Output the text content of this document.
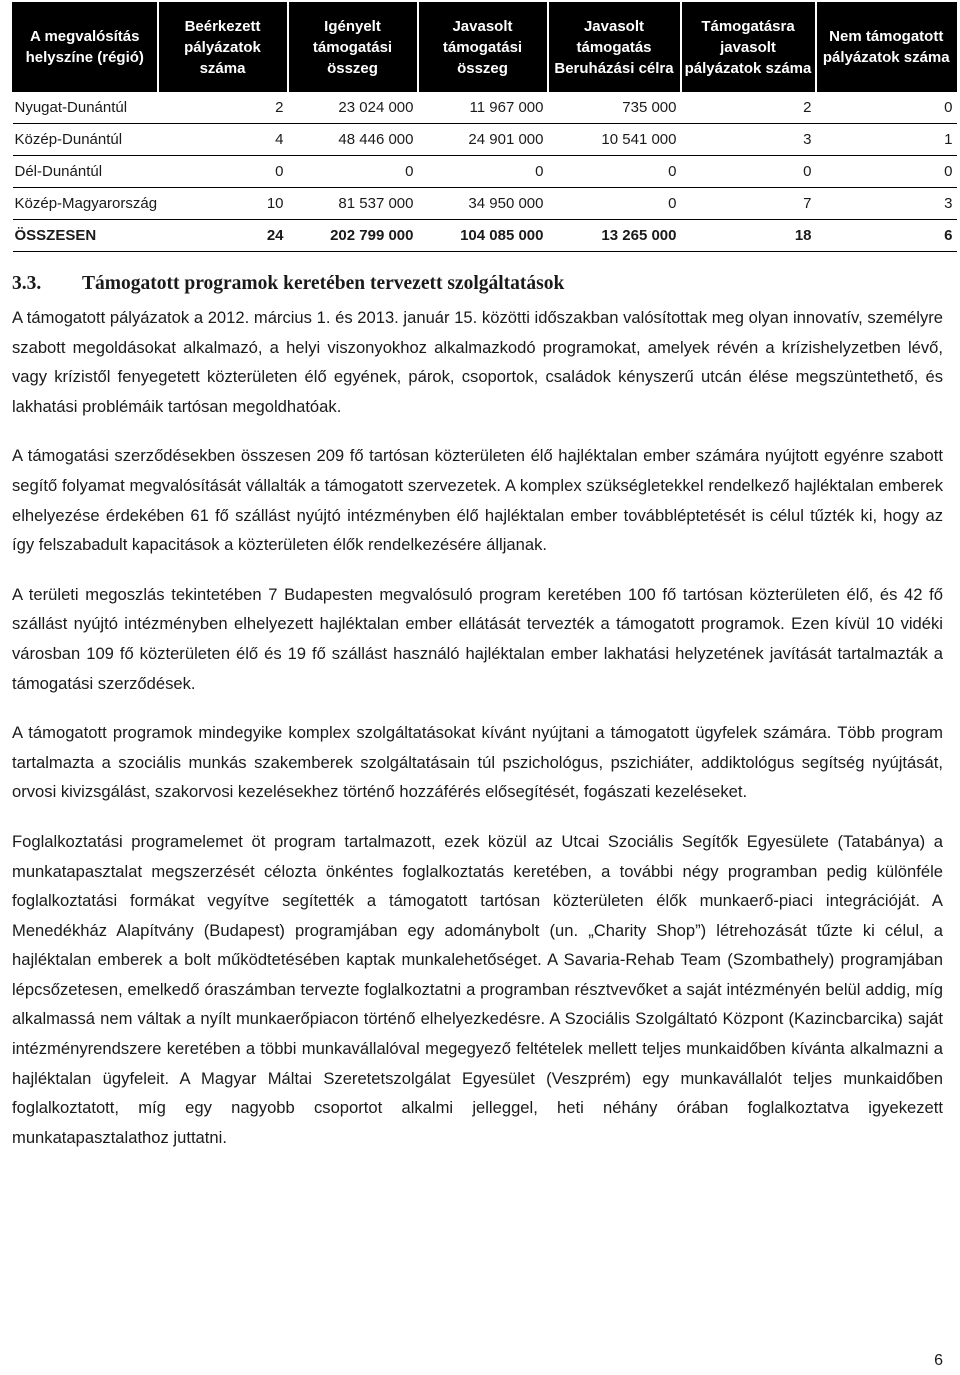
A megvalósítás helyszíne (régió)	Beérkezett pályázatok száma	Igényelt támogatási összeg	Javasolt támogatási összeg	Javasolt támogatás Beruházási célra	Támogatásra javasolt pályázatok száma	Nem támogatott pályázatok száma
Nyugat-Dunántúl	2	23 024 000	11 967 000	735 000	2	0
Közép-Dunántúl	4	48 446 000	24 901 000	10 541 000	3	1
Dél-Dunántúl	0	0	0	0	0	0
Közép-Magyarország	10	81 537 000	34 950 000	0	7	3
ÖSSZESEN	24	202 799 000	104 085 000	13 265 000	18	6
3.3. Támogatott programok keretében tervezett szolgáltatások

A támogatott pályázatok a 2012. március 1. és 2013. január 15. közötti időszakban valósítottak meg olyan innovatív, személyre szabott megoldásokat alkalmazó, a helyi viszonyokhoz alkalmazkodó programokat, amelyek révén a krízishelyzetben lévő, vagy krízistől fenyegetett közterületen élő egyének, párok, csoportok, családok kényszerű utcán élése megszüntethető, és lakhatási problémáik tartósan megoldhatóak.

A támogatási szerződésekben összesen 209 fő tartósan közterületen élő hajléktalan ember számára nyújtott egyénre szabott segítő folyamat megvalósítását vállalták a támogatott szervezetek. A komplex szükségletekkel rendelkező hajléktalan emberek elhelyezése érdekében 61 fő szállást nyújtó intézményben élő hajléktalan ember továbbléptetését is célul tűzték ki, hogy az így felszabadult kapacitások a közterületen élők rendelkezésére álljanak.

A területi megoszlás tekintetében 7 Budapesten megvalósuló program keretében 100 fő tartósan közterületen élő, és 42 fő szállást nyújtó intézményben elhelyezett hajléktalan ember ellátását tervezték a támogatott programok. Ezen kívül 10 vidéki városban 109 fő közterületen élő és 19 fő szállást használó hajléktalan ember lakhatási helyzetének javítását tartalmazták a támogatási szerződések.

A támogatott programok mindegyike komplex szolgáltatásokat kívánt nyújtani a támogatott ügyfelek számára. Több program tartalmazta a szociális munkás szakemberek szolgáltatásain túl pszichológus, pszichiáter, addiktológus segítség nyújtását, orvosi kivizsgálást, szakorvosi kezelésekhez történő hozzáférés elősegítését, fogászati kezeléseket.

Foglalkoztatási programelemet öt program tartalmazott, ezek közül az Utcai Szociális Segítők Egyesülete (Tatabánya) a munkatapasztalat megszerzését célozta önkéntes foglalkoztatás keretében, a további négy programban pedig különféle foglalkoztatási formákat vegyítve segítették a támogatott tartósan közterületen élők munkaerő-piaci integrációját. A Menedékház Alapítvány (Budapest) programjában egy adománybolt (un. „Charity Shop”) létrehozását tűzte ki célul, a hajléktalan emberek a bolt működtetésében kaptak munkalehetőséget. A Savaria-Rehab Team (Szombathely) programjában lépcsőzetesen, emelkedő óraszámban tervezte foglalkoztatni a programban résztvevőket a saját intézményén belül addig, míg alkalmassá nem váltak a nyílt munkaerőpiacon történő elhelyezkedésre. A Szociális Szolgáltató Központ (Kazincbarcika) saját intézményrendszere keretében a többi munkavállalóval megegyező feltételek mellett teljes munkaidőben kívánta alkalmazni a hajléktalan ügyfeleit. A Magyar Máltai Szeretetszolgálat Egyesület (Veszprém) egy munkavállalót teljes munkaidőben foglalkoztatott, míg egy nagyobb csoportot alkalmi jelleggel, heti néhány órában foglalkoztatva igyekezett munkatapasztalathoz juttatni.

6
